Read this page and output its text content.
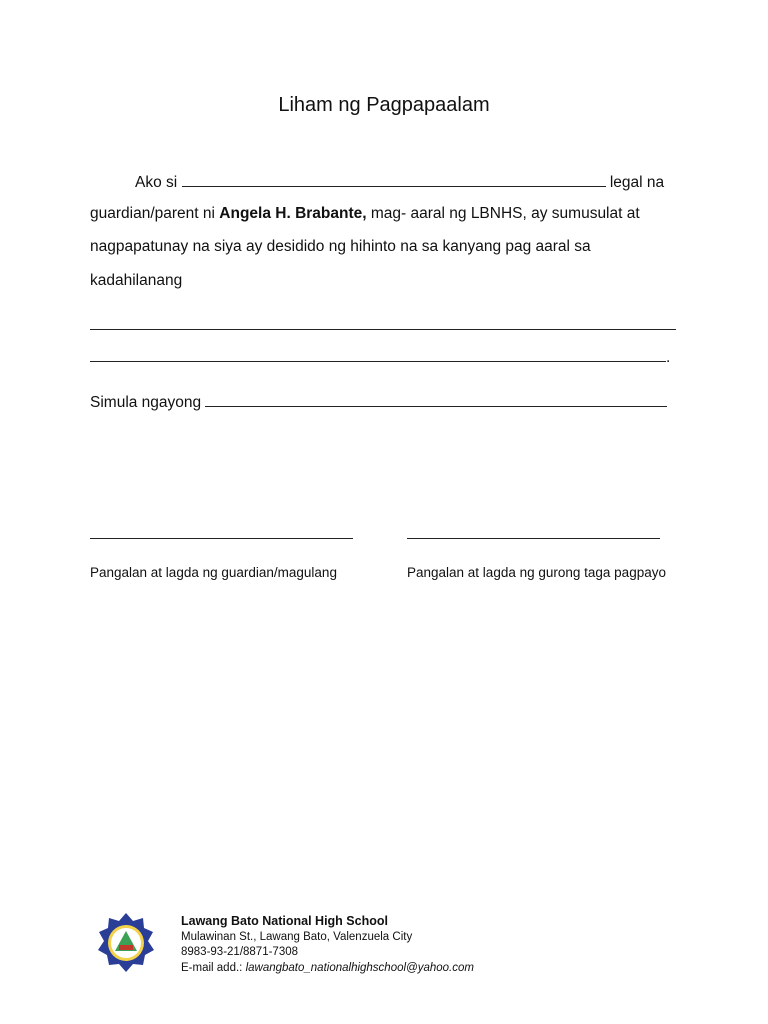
Liham ng Pagpapaalam
Ako si	legal na
guardian/parent ni Angela H. Brabante, mag- aaral ng LBNHS, ay sumusulat at
nagpapatunay na siya ay desidido ng hihinto na sa kanyang pag aaral sa
kadahilanang
.
Simula ngayong
Pangalan at lagda ng guardian/magulang	Pangalan at lagda ng gurong taga pagpayo
Lawang Bato National High School
Mulawinan St., Lawang Bato, Valenzuela City
8983-93-21/8871-7308
E-mail add.: lawangbato_nationalhighschool@yahoo.com
